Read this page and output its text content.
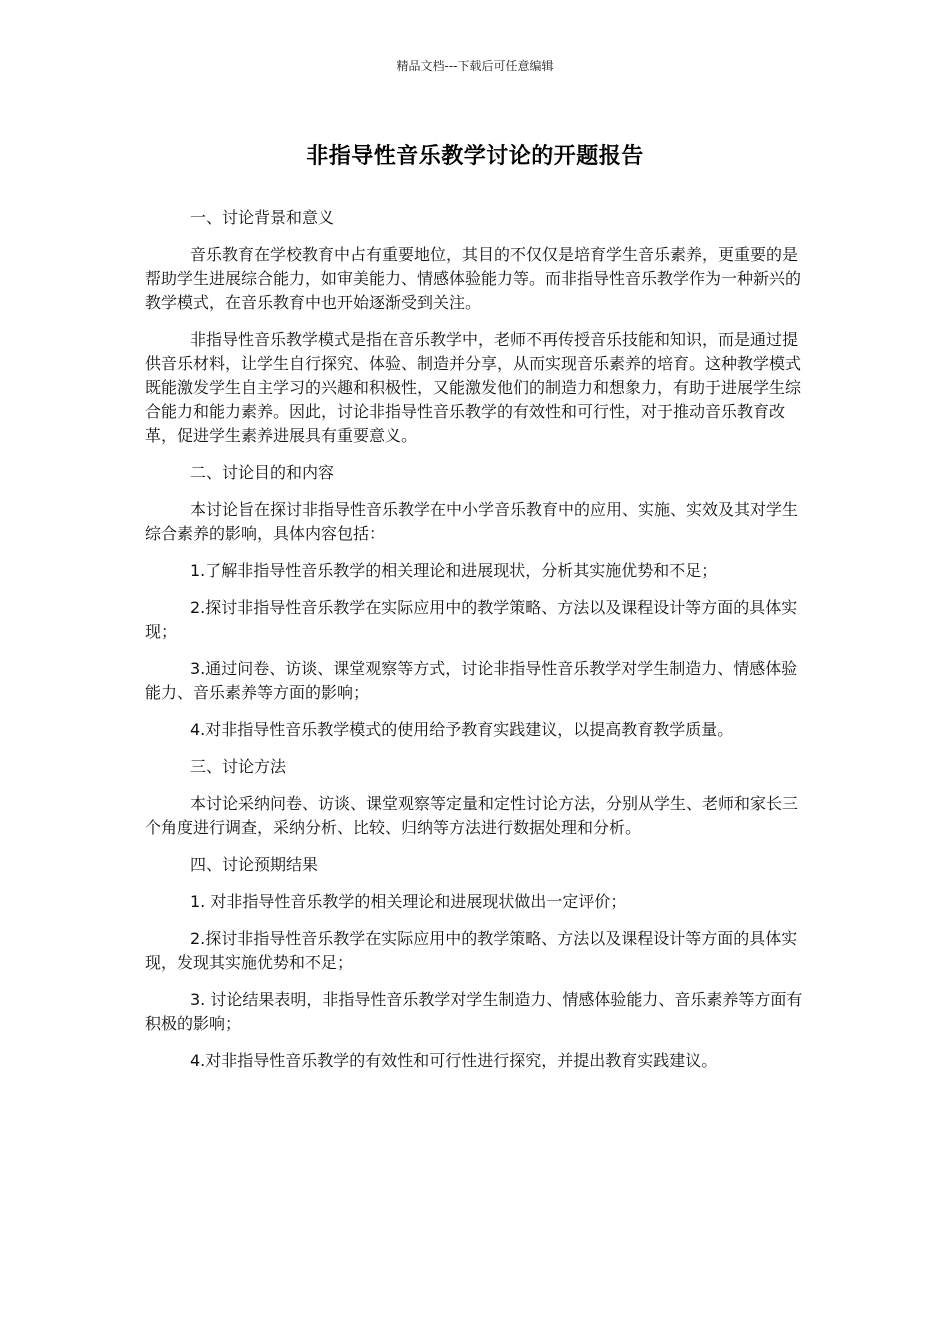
精品文档---下载后可任意编辑
非指导性音乐教学讨论的开题报告

一、讨论背景和意义

音乐教育在学校教育中占有重要地位，其目的不仅仅是培育学生音乐素养，更重要的是帮助学生进展综合能力，如审美能力、情感体验能力等。而非指导性音乐教学作为一种新兴的教学模式，在音乐教育中也开始逐渐受到关注。

非指导性音乐教学模式是指在音乐教学中，老师不再传授音乐技能和知识，而是通过提供音乐材料，让学生自行探究、体验、制造并分享，从而实现音乐素养的培育。这种教学模式既能激发学生自主学习的兴趣和积极性，又能激发他们的制造力和想象力，有助于进展学生综合能力和能力素养。因此，讨论非指导性音乐教学的有效性和可行性，对于推动音乐教育改革，促进学生素养进展具有重要意义。

二、讨论目的和内容

本讨论旨在探讨非指导性音乐教学在中小学音乐教育中的应用、实施、实效及其对学生综合素养的影响，具体内容包括：

1.了解非指导性音乐教学的相关理论和进展现状，分析其实施优势和不足；

2.探讨非指导性音乐教学在实际应用中的教学策略、方法以及课程设计等方面的具体实现；

3.通过问卷、访谈、课堂观察等方式，讨论非指导性音乐教学对学生制造力、情感体验能力、音乐素养等方面的影响；

4.对非指导性音乐教学模式的使用给予教育实践建议，以提高教育教学质量。

三、讨论方法

本讨论采纳问卷、访谈、课堂观察等定量和定性讨论方法，分别从学生、老师和家长三个角度进行调查，采纳分析、比较、归纳等方法进行数据处理和分析。

四、讨论预期结果

1. 对非指导性音乐教学的相关理论和进展现状做出一定评价；

2.探讨非指导性音乐教学在实际应用中的教学策略、方法以及课程设计等方面的具体实现，发现其实施优势和不足；

3. 讨论结果表明，非指导性音乐教学对学生制造力、情感体验能力、音乐素养等方面有积极的影响；

4.对非指导性音乐教学的有效性和可行性进行探究，并提出教育实践建议。
